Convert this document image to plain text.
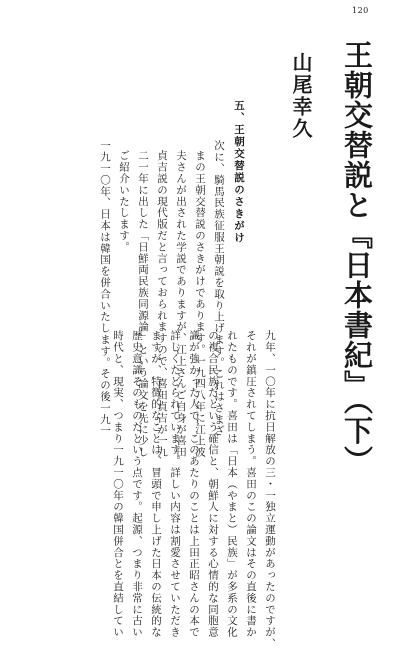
120
王朝交替説と『日本書紀』（下）
山尾幸久
五、王朝交替説のさきがけ
次に、騎馬民族征服王朝説を取り上げます。これはさまざ
まの王朝交替説のさきがけであります。一九四八年に江上波
夫さんが出された学説でありますが、江上さんご自身が喜田
貞吉説の現代版だと言っておられますので、喜田貞吉が一九
二一年に出した「日鮮両民族同源論」という論文を先に少し
ご紹介いたします。
一九一〇年、日本は韓国を併合いたします。その後一九一
九年、一〇年に抗日解放の三・一独立運動があったのですが、
それが鎮圧されてしまう。喜田のこの論文はその直後に書か
れたものです。喜田は「日本（やまと）民族」が多系の文化
の複合民族だという確信と、朝鮮人に対する心情的な同胞意
識が強かった人で、このあたりのことは上田正昭さんの本で
詳しくたどられています。詳しい内容は割愛させていただき
ますが、特徴的なことは、冒頭で申し上げた日本の伝統的な
歴史意識そのものだという点です。起源、つまり非常に古い
時代と、現実、つまり一九一〇年の韓国併合とを直結してい
